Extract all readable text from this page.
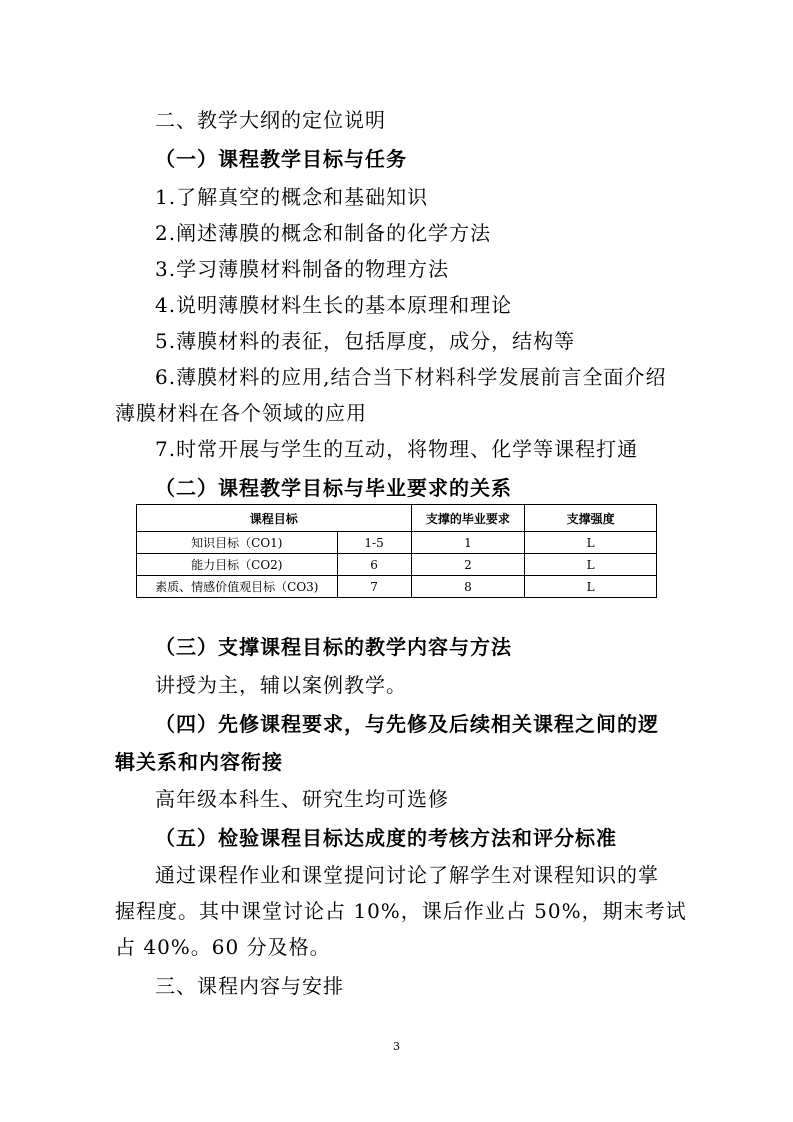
二、教学大纲的定位说明
（一）课程教学目标与任务
1.了解真空的概念和基础知识
2.阐述薄膜的概念和制备的化学方法
3.学习薄膜材料制备的物理方法
4.说明薄膜材料生长的基本原理和理论
5.薄膜材料的表征，包括厚度，成分，结构等
6.薄膜材料的应用,结合当下材料科学发展前言全面介绍
薄膜材料在各个领域的应用
7.时常开展与学生的互动，将物理、化学等课程打通
（二）课程教学目标与毕业要求的关系
课程目标		支撑的毕业要求	支撑强度
知识目标（CO1)	1-5	1	L
能力目标（CO2)	6	2	L
素质、情感价值观目标（CO3)	7	8	L
（三）支撑课程目标的教学内容与方法
讲授为主，辅以案例教学。
（四）先修课程要求，与先修及后续相关课程之间的逻
辑关系和内容衔接
高年级本科生、研究生均可选修
（五）检验课程目标达成度的考核方法和评分标准
通过课程作业和课堂提问讨论了解学生对课程知识的掌
握程度。其中课堂讨论占 10%，课后作业占 50%，期末考试
占 40%。60 分及格。
三、课程内容与安排
3
